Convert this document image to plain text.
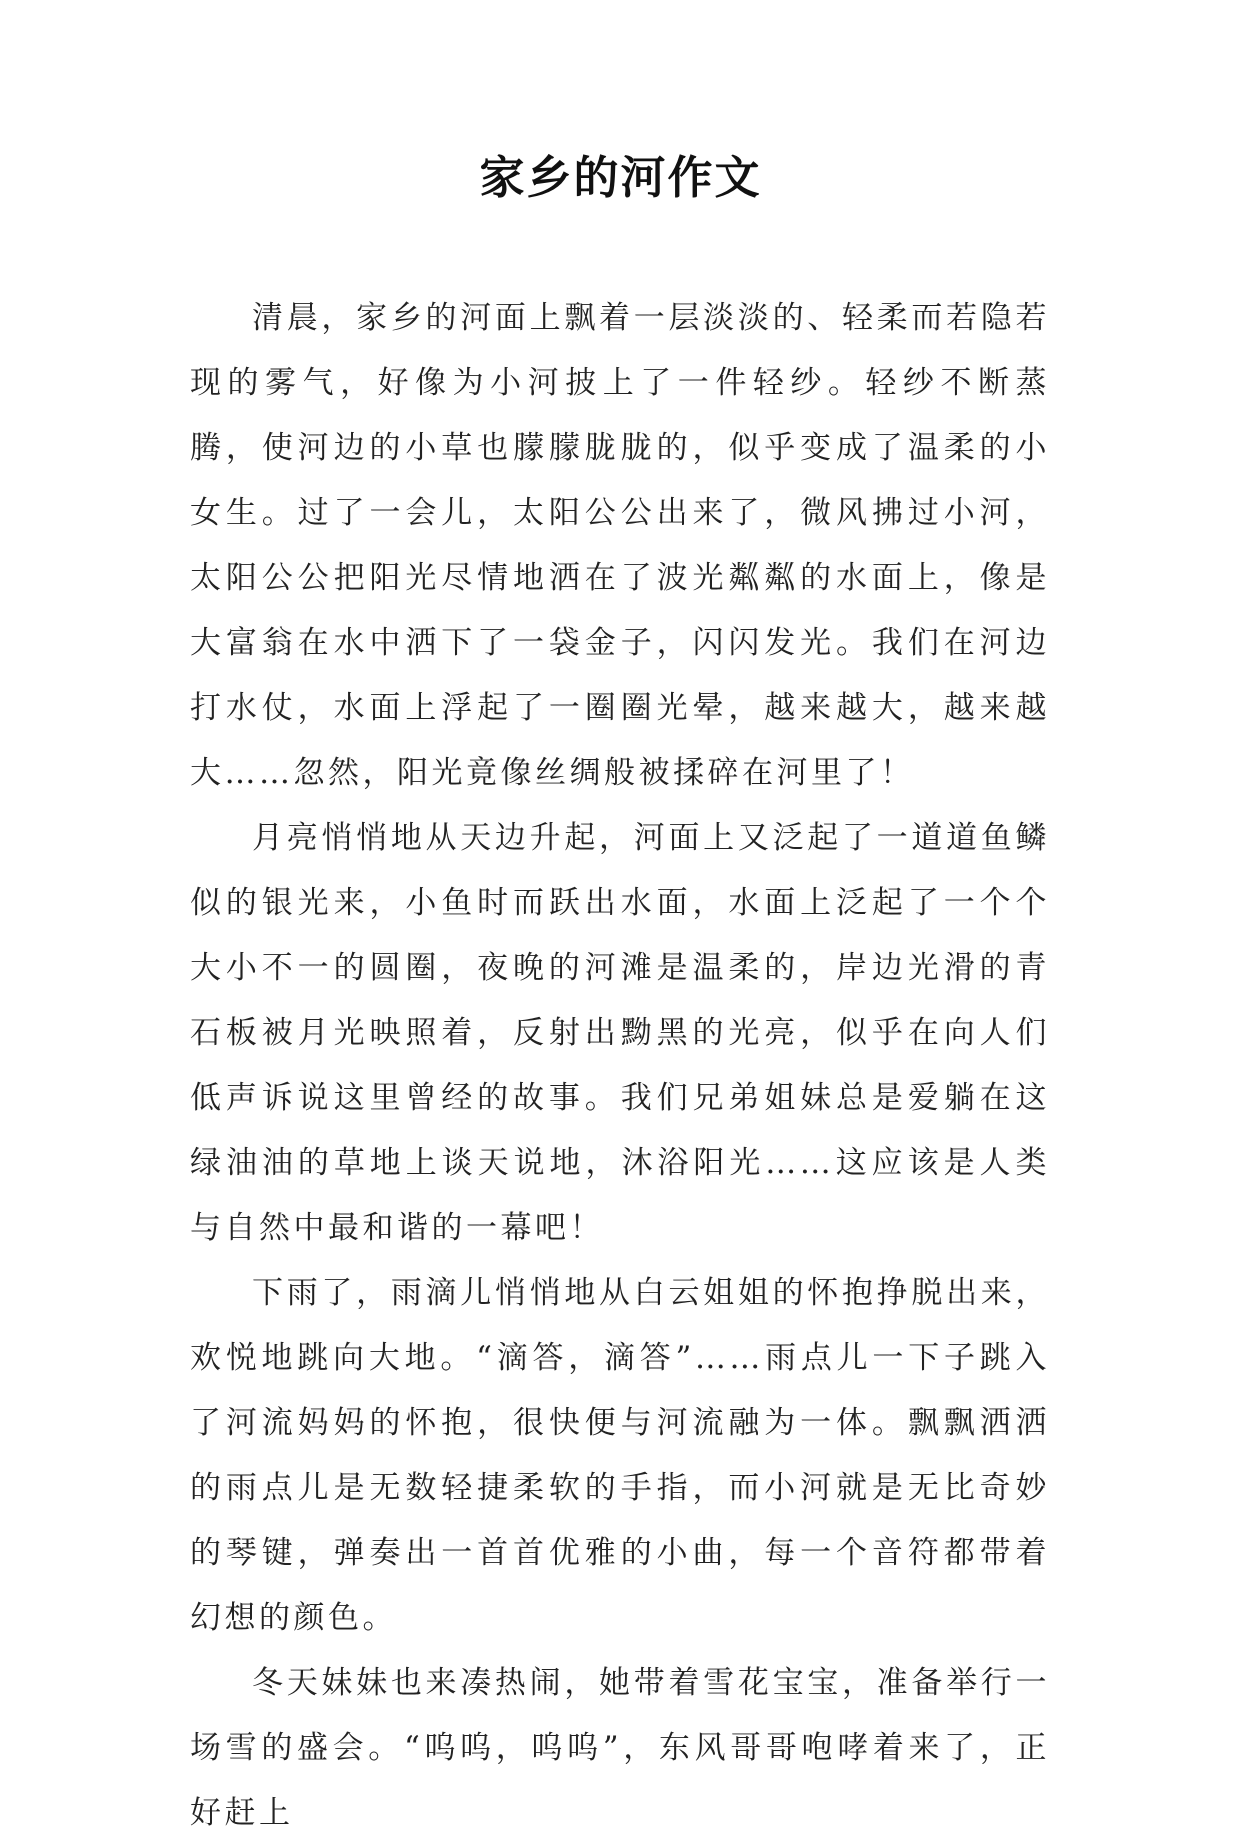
家乡的河作文

清晨，家乡的河面上飘着一层淡淡的、轻柔而若隐若现的雾气，好像为小河披上了一件轻纱。轻纱不断蒸腾，使河边的小草也朦朦胧胧的，似乎变成了温柔的小女生。过了一会儿，太阳公公出来了，微风拂过小河，太阳公公把阳光尽情地洒在了波光粼粼的水面上，像是大富翁在水中洒下了一袋金子，闪闪发光。我们在河边打水仗，水面上浮起了一圈圈光晕，越来越大，越来越大……忽然，阳光竟像丝绸般被揉碎在河里了！

月亮悄悄地从天边升起，河面上又泛起了一道道鱼鳞似的银光来，小鱼时而跃出水面，水面上泛起了一个个大小不一的圆圈，夜晚的河滩是温柔的，岸边光滑的青石板被月光映照着，反射出黝黑的光亮，似乎在向人们低声诉说这里曾经的故事。我们兄弟姐妹总是爱躺在这绿油油的草地上谈天说地，沐浴阳光……这应该是人类与自然中最和谐的一幕吧！

下雨了，雨滴儿悄悄地从白云姐姐的怀抱挣脱出来，欢悦地跳向大地。“滴答，滴答”……雨点儿一下子跳入了河流妈妈的怀抱，很快便与河流融为一体。飘飘洒洒的雨点儿是无数轻捷柔软的手指，而小河就是无比奇妙的琴键，弹奏出一首首优雅的小曲，每一个音符都带着幻想的颜色。

冬天妹妹也来凑热闹，她带着雪花宝宝，准备举行一场雪的盛会。“呜呜，呜呜”，东风哥哥咆哮着来了，正好赶上
